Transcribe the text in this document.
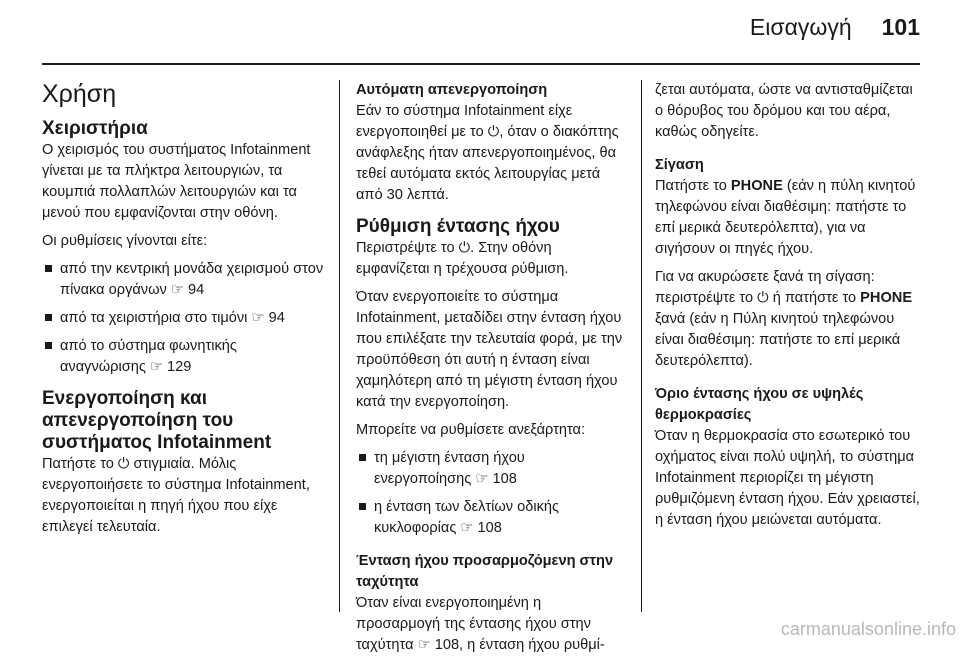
Εισαγωγή 101
Χρήση
Χειριστήρια

Ο χειρισμός του συστήματος Infotainment γίνεται με τα πλήκτρα λειτουργιών, τα κουμπιά πολλαπλών λειτουργιών και τα μενού που εμφανίζονται στην οθόνη.

Οι ρυθμίσεις γίνονται είτε:

από την κεντρική μονάδα χειρισμού στον πίνακα οργάνων ☞ 94
από τα χειριστήρια στο τιμόνι ☞ 94
από το σύστημα φωνητικής αναγνώρισης ☞ 129
Ενεργοποίηση και απενεργοποίηση του συστήματος Infotainment

Πατήστε το ⏻ στιγμιαία. Μόλις ενεργοποιήσετε το σύστημα Infotainment, ενεργοποιείται η πηγή ήχου που είχε επιλεγεί τελευταία.

Αυτόματη απενεργοποίηση

Εάν το σύστημα Infotainment είχε ενεργοποιηθεί με το ⏻, όταν ο διακόπτης ανάφλεξης ήταν απενεργοποιημένος, θα τεθεί αυτόματα εκτός λειτουργίας μετά από 30 λεπτά.

Ρύθμιση έντασης ήχου

Περιστρέψτε το ⏻. Στην οθόνη εμφανίζεται η τρέχουσα ρύθμιση.

Όταν ενεργοποιείτε το σύστημα Infotainment, μεταδίδει στην ένταση ήχου που επιλέξατε την τελευταία φορά, με την προϋπόθεση ότι αυτή η ένταση είναι χαμηλότερη από τη μέγιστη ένταση ήχου κατά την ενεργοποίηση.

Μπορείτε να ρυθμίσετε ανεξάρτητα:

τη μέγιστη ένταση ήχου ενεργοποίησης ☞ 108
η ένταση των δελτίων οδικής κυκλοφορίας ☞ 108
Ένταση ήχου προσαρμοζόμενη στην ταχύτητα

Όταν είναι ενεργοποιημένη η προσαρμογή της έντασης ήχου στην ταχύτητα ☞ 108, η ένταση ήχου ρυθμί-

ζεται αυτόματα, ώστε να αντισταθμίζεται ο θόρυβος του δρόμου και του αέρα, καθώς οδηγείτε.

Σίγαση

Πατήστε το PHONE (εάν η πύλη κινητού τηλεφώνου είναι διαθέσιμη: πατήστε το επί μερικά δευτερόλεπτα), για να σιγήσουν οι πηγές ήχου.

Για να ακυρώσετε ξανά τη σίγαση: περιστρέψτε το ⏻ ή πατήστε το PHONE ξανά (εάν η Πύλη κινητού τηλεφώνου είναι διαθέσιμη: πατήστε το επί μερικά δευτερόλεπτα).

Όριο έντασης ήχου σε υψηλές θερμοκρασίες

Όταν η θερμοκρασία στο εσωτερικό του οχήματος είναι πολύ υψηλή, το σύστημα Infotainment περιορίζει τη μέγιστη ρυθμιζόμενη ένταση ήχου. Εάν χρειαστεί, η ένταση ήχου μειώνεται αυτόματα.

carmanualsonline.info
